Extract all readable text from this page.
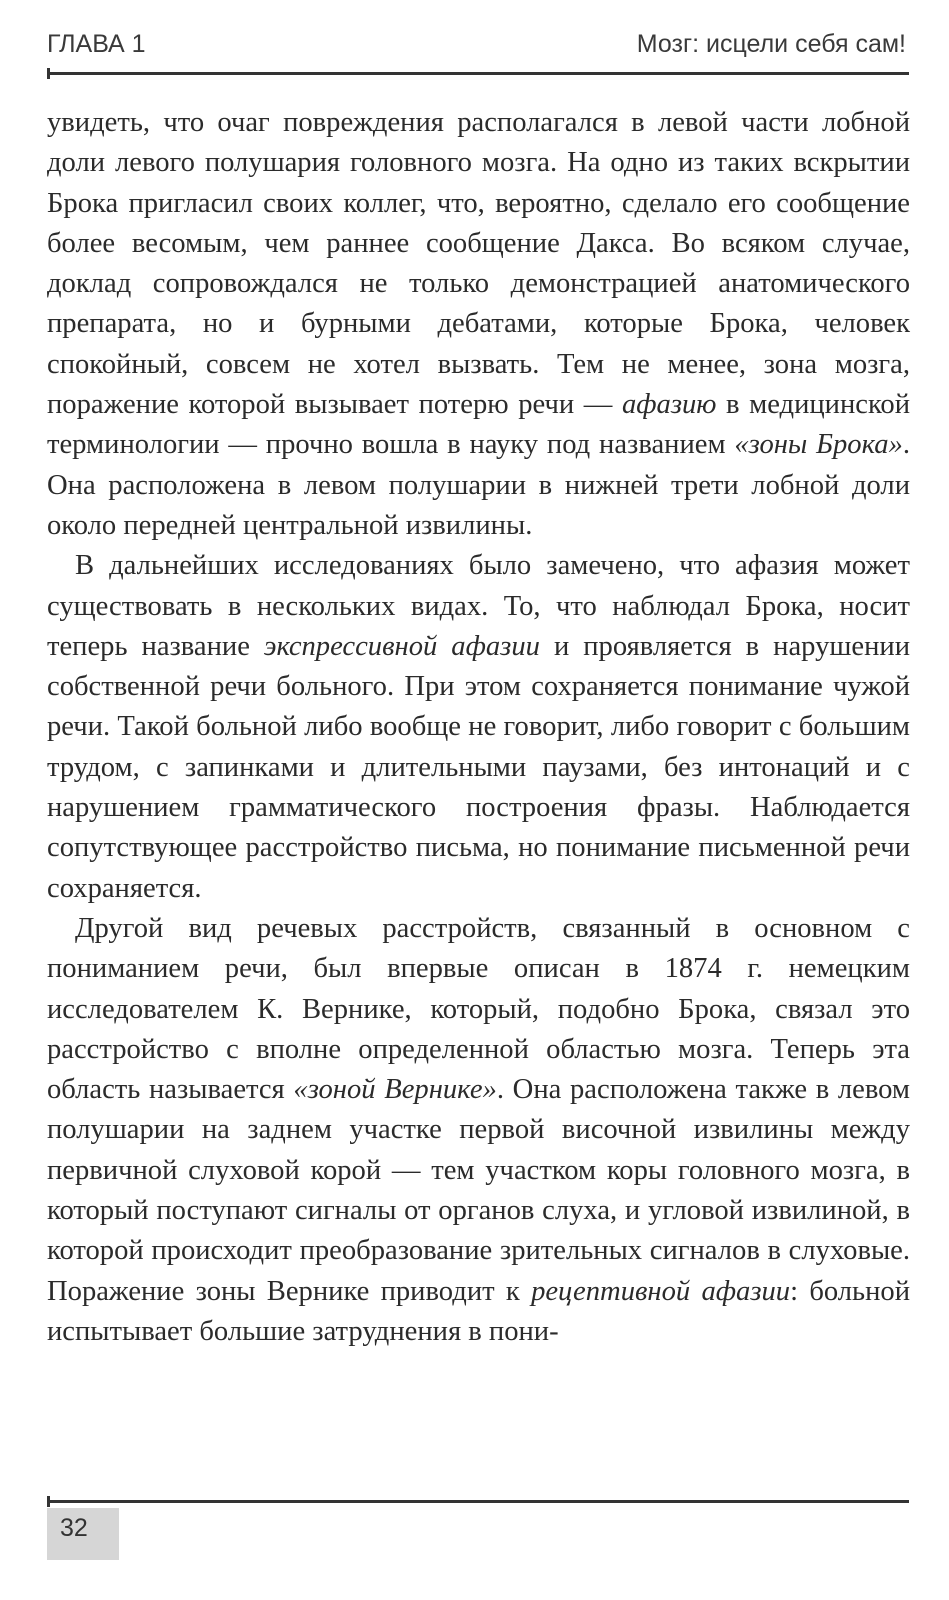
ГЛАВА 1	Мозг: исцели себя сам!

увидеть, что очаг повреждения располагался в левой части лобной доли левого полушария головного мозга. На одно из таких вскрытии Брока пригласил своих коллег, что, вероятно, сделало его сообщение более весомым, чем раннее сообщение Дакса. Во всяком случае, доклад сопровождался не только демонстрацией анатомического препарата, но и бурными дебатами, которые Брока, человек спокойный, совсем не хотел вызвать. Тем не менее, зона мозга, поражение которой вызывает потерю речи — афазию в медицинской терминологии — прочно вошла в науку под названием «зоны Брока». Она расположена в левом полушарии в нижней трети лобной доли около передней центральной извилины.

В дальнейших исследованиях было замечено, что афазия может существовать в нескольких видах. То, что наблюдал Брока, носит теперь название экспрессивной афазии и проявляется в нарушении собственной речи больного. При этом сохраняется понимание чужой речи. Такой больной либо вообще не говорит, либо говорит с большим трудом, с запинками и длительными паузами, без интонаций и с нарушением грамматического построения фразы. Наблюдается сопутствующее расстройство письма, но понимание письменной речи сохраняется.

Другой вид речевых расстройств, связанный в основном с пониманием речи, был впервые описан в 1874 г. немецким исследователем К. Вернике, который, подобно Брока, связал это расстройство с вполне определенной областью мозга. Теперь эта область называется «зоной Вернике». Она расположена также в левом полушарии на заднем участке первой височной извилины между первичной слуховой корой — тем участком коры головного мозга, в который поступают сигналы от органов слуха, и угловой извилиной, в которой происходит преобразование зрительных сигналов в слуховые. Поражение зоны Вернике приводит к рецептивной афазии: больной испытывает большие затруднения в пони-

32
